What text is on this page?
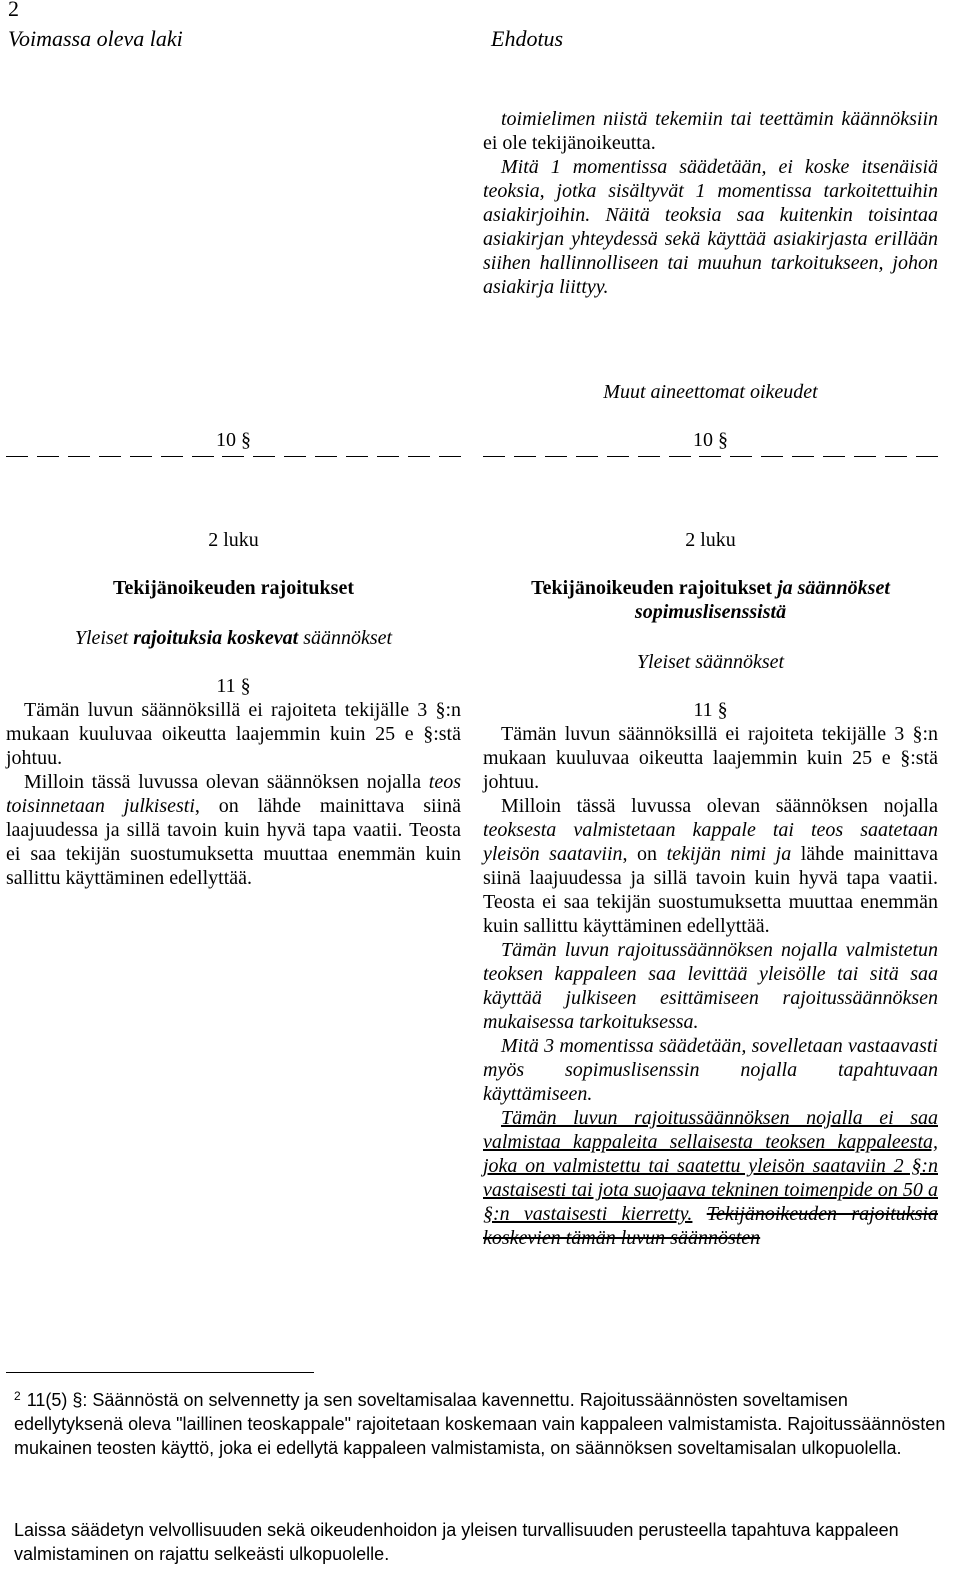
2
Voimassa oleva laki	Ehdotus

toimielimen niistä tekemiin tai teettämin käännöksiin ei ole tekijänoikeutta.

Mitä 1 momentissa säädetään, ei koske itsenäisiä teoksia, jotka sisältyvät 1 momentissa tarkoitettuihin asiakirjoihin. Näitä teoksia saa kuitenkin toisintaa asiakirjan yhteydessä sekä käyttää asiakirjasta erillään siihen hallinnolliseen tai muuhun tarkoitukseen, johon asiakirja liittyy.

Muut aineettomat oikeudet

10 §	10 §

2 luku

Tekijänoikeuden rajoitukset

Yleiset rajoituksia koskevat säännökset

11 §

Tämän luvun säännöksillä ei rajoiteta tekijälle 3 §:n mukaan kuuluvaa oikeutta laajemmin kuin 25 e §:stä johtuu.

Milloin tässä luvussa olevan säännöksen nojalla teos toisinnetaan julkisesti, on lähde mainittava siinä laajuudessa ja sillä tavoin kuin hyvä tapa vaatii. Teosta ei saa tekijän suostumuksetta muuttaa enemmän kuin sallittu käyttäminen edellyttää.

2 luku

Tekijänoikeuden rajoitukset ja säännökset sopimuslisenssistä

Yleiset säännökset

11 §

Tämän luvun säännöksillä ei rajoiteta tekijälle 3 §:n mukaan kuuluvaa oikeutta laajemmin kuin 25 e §:stä johtuu.

Milloin tässä luvussa olevan säännöksen nojalla teoksesta valmistetaan kappale tai teos saatetaan yleisön saataviin, on tekijän nimi ja lähde mainittava siinä laajuudessa ja sillä tavoin kuin hyvä tapa vaatii. Teosta ei saa tekijän suostumuksetta muuttaa enemmän kuin sallittu käyttäminen edellyttää.

Tämän luvun rajoitussäännöksen nojalla valmistetun teoksen kappaleen saa levittää yleisölle tai sitä saa käyttää julkiseen esittämiseen rajoitussäännöksen mukaisessa tarkoituksessa.

Mitä 3 momentissa säädetään, sovelletaan vastaavasti myös sopimuslisenssin nojalla tapahtuvaan käyttämiseen.

Tämän luvun rajoitussäännöksen nojalla ei saa valmistaa kappaleita sellaisesta teoksen kappaleesta, joka on valmistettu tai saatettu yleisön saataviin 2 §:n vastaisesti tai jota suojaava tekninen toimenpide on 50 a §:n vastaisesti kierretty. Tekijänoikeuden rajoituksia koskevien tämän luvun säännösten

$^2$ 11(5) §: Säännöstä on selvennetty ja sen soveltamisalaa kavennettu. Rajoitussäännösten soveltamisen edellytyksenä oleva "laillinen teoskappale" rajoitetaan koskemaan vain kappaleen valmistamista. Rajoitussäännösten mukainen teosten käyttö, joka ei edellytä kappaleen valmistamista, on säännöksen soveltamisalan ulkopuolella.

Laissa säädetyn velvollisuuden sekä oikeudenhoidon ja yleisen turvallisuuden perusteella tapahtuva kappaleen valmistaminen on rajattu selkeästi ulkopuolelle.
